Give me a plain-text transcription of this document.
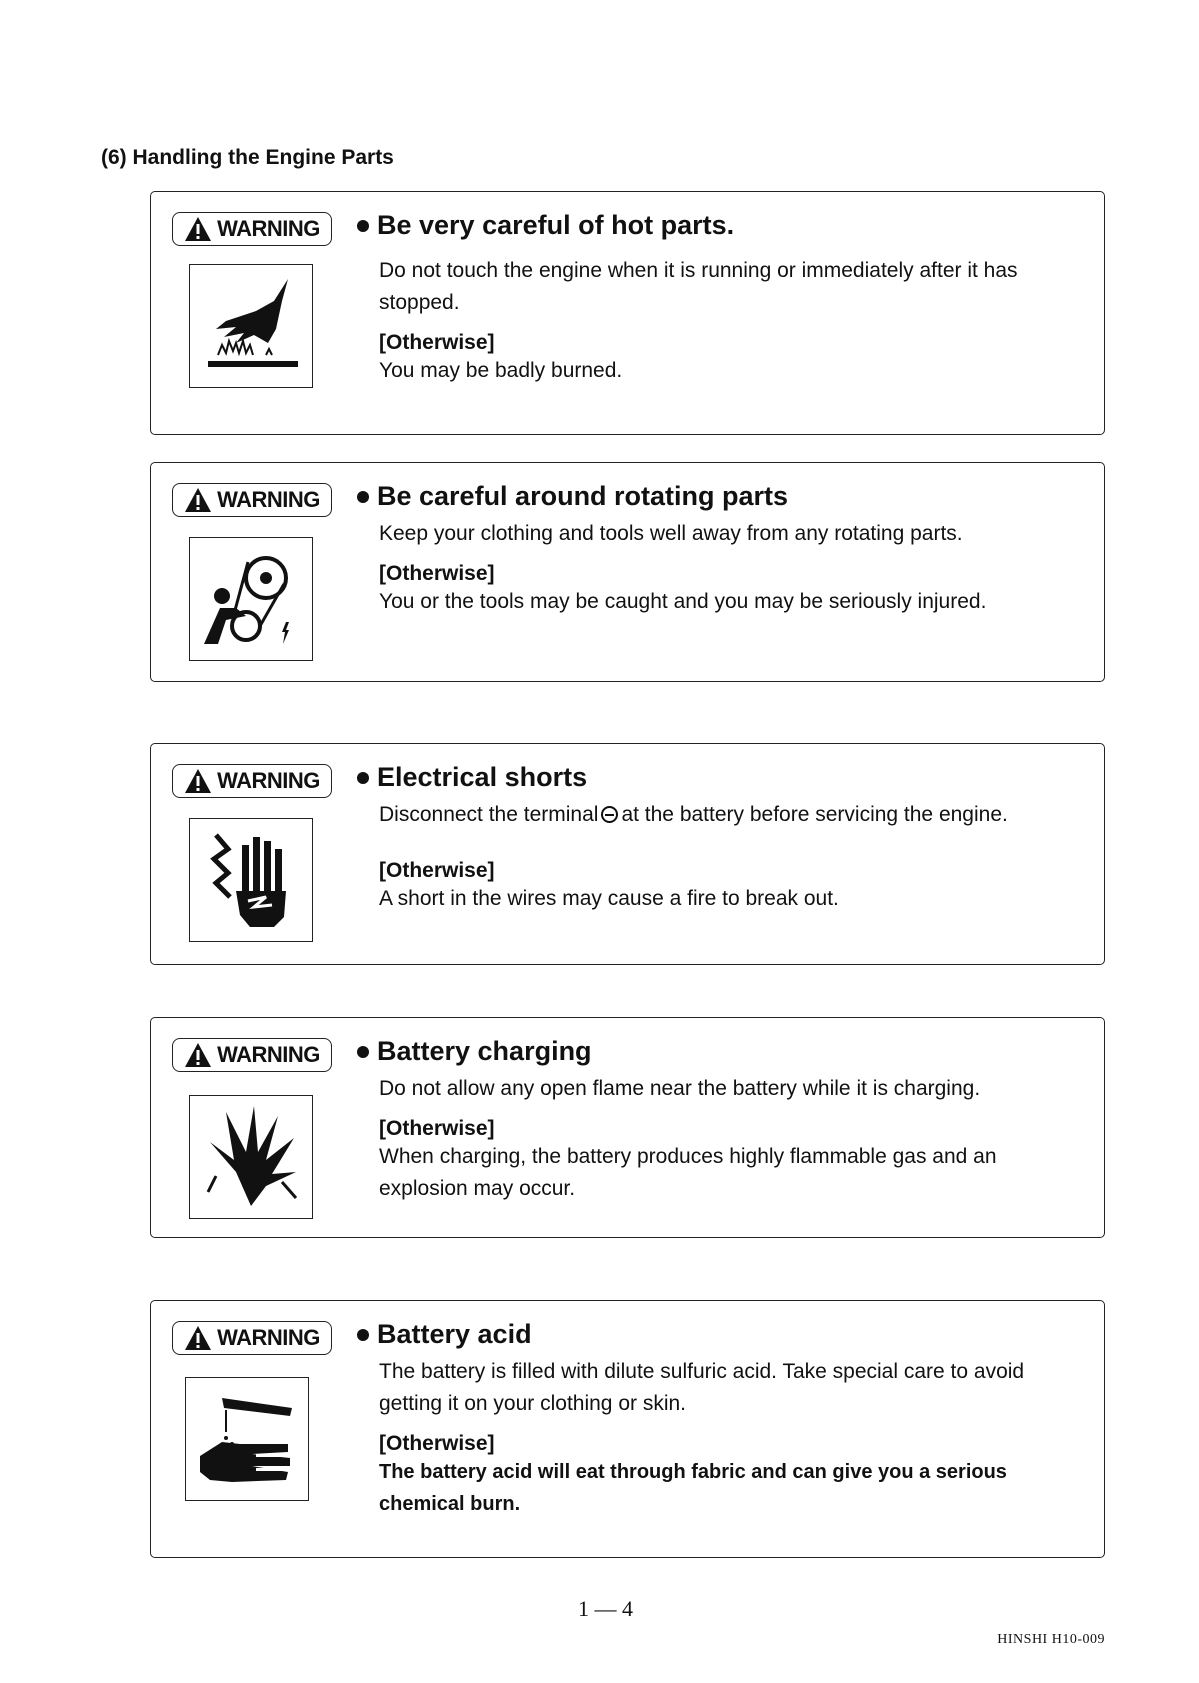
(6) Handling the Engine Parts
WARNING Be very careful of hot parts.
Do not touch the engine when it is running or immediately after it has stopped.
[Otherwise]
You may be badly burned.
WARNING Be careful around rotating parts
Keep your clothing and tools well away from any rotating parts.
[Otherwise]
You or the tools may be caught and you may be seriously injured.
WARNING Electrical shorts
Disconnect the terminal at the battery before servicing the engine.
[Otherwise]
A short in the wires may cause a fire to break out.
WARNING Battery charging
Do not allow any open flame near the battery while it is charging.
[Otherwise]
When charging, the battery produces highly flammable gas and an explosion may occur.
WARNING Battery acid
The battery is filled with dilute sulfuric acid. Take special care to avoid getting it on your clothing or skin.
[Otherwise]
The battery acid will eat through fabric and can give you a serious chemical burn.
1 — 4
HINSHI H10-009
